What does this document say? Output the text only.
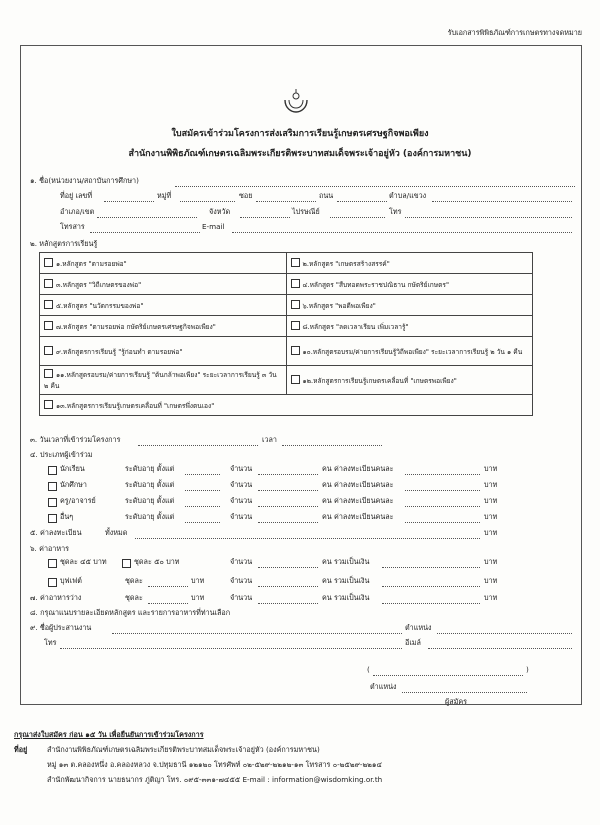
รับเอกสารพิพิธภัณฑ์การเกษตรทางจดหมาย
ใบสมัครเข้าร่วมโครงการส่งเสริมการเรียนรู้เกษตรเศรษฐกิจพอเพียง
สำนักงานพิพิธภัณฑ์เกษตรเฉลิมพระเกียรติพระบาทสมเด็จพระเจ้าอยู่หัว (องค์การมหาชน)
๑. ชื่อ(หน่วยงาน/สถาบันการศึกษา)
ที่อยู่ เลขที่	หมู่ที่	ซอย	ถนน	ตำบล/แขวง
อำเภอ/เขต	จังหวัด	ไปรษณีย์	โทร
โทรสาร	E-mail
๒. หลักสูตรการเรียนรู้
๑.หลักสูตร "ตามรอยพ่อ"	๒.หลักสูตร "เกษตรสร้างสรรค์"
๓.หลักสูตร "วิถีเกษตรของพ่อ"	๔.หลักสูตร "สืบทอดพระราชปณิธาน กษัตริย์เกษตร"
๕.หลักสูตร "นวัตกรรมของพ่อ"	๖.หลักสูตร "พอดีพอเพียง"
๗.หลักสูตร "ตามรอยพ่อ กษัตริย์เกษตรเศรษฐกิจพอเพียง"	๘.หลักสูตร "ลดเวลาเรียน เพิ่มเวลารู้"
๙.หลักสูตรการเรียนรู้ "รู้ก่อนทำ ตามรอยพ่อ"	๑๐.หลักสูตรอบรม/ค่ายการเรียนรู้วิถีพอเพียง" ระยะเวลาการเรียนรู้ ๒ วัน ๑ คืน
๑๑.หลักสูตรอบรม/ค่ายการเรียนรู้ "ต้นกล้าพอเพียง" ระยะเวลาการเรียนรู้ ๓ วัน ๒ คืน	๑๒.หลักสูตรการเรียนรู้เกษตรเคลื่อนที่ "เกษตรพอเพียง"
๑๓.หลักสูตรการเรียนรู้เกษตรเคลื่อนที่ "เกษตรพึ่งตนเอง"	
๓. วันเวลาที่เข้าร่วมโครงการ	เวลา
๔. ประเภทผู้เข้าร่วม
นักเรียน	ระดับอายุ ตั้งแต่	จำนวน	คน ค่าลงทะเบียนคนละ	บาท
นักศึกษา	ระดับอายุ ตั้งแต่	จำนวน	คน ค่าลงทะเบียนคนละ	บาท
ครู/อาจารย์	ระดับอายุ ตั้งแต่	จำนวน	คน ค่าลงทะเบียนคนละ	บาท
อื่นๆ	ระดับอายุ ตั้งแต่	จำนวน	คน ค่าลงทะเบียนคนละ	บาท
๕. ค่าลงทะเบียน	ทั้งหมด	บาท
๖. ค่าอาหาร
ชุดละ ๔๕ บาท	ชุดละ ๕๐ บาท	จำนวน	คน รวมเป็นเงิน	บาท
บุฟเฟต์	ชุดละ	บาท	จำนวน	คน รวมเป็นเงิน	บาท
๗. ค่าอาหารว่าง	ชุดละ	บาท	จำนวน	คน รวมเป็นเงิน	บาท
๘. กรุณาแนบรายละเอียดหลักสูตร และรายการอาหารที่ท่านเลือก
๙. ชื่อผู้ประสานงาน	ตำแหน่ง
โทร	อีเมล์
(	)
ตำแหน่ง
ผู้สมัคร
กรุณาส่งใบสมัคร ก่อน ๑๕ วัน เพื่อยืนยันการเข้าร่วมโครงการ
ที่อยู่	สำนักงานพิพิธภัณฑ์เกษตรเฉลิมพระเกียรติพระบาทสมเด็จพระเจ้าอยู่หัว (องค์การมหาชน)
หมู่ ๑๓ ต.คลองหนึ่ง อ.คลองหลวง จ.ปทุมธานี ๑๒๑๒๐ โทรศัพท์ ๐๒-๕๒๙-๒๒๑๒-๑๓ โทรสาร ๐-๒๕๒๙-๒๒๑๔
สำนักพัฒนากิจการ นายธนากร ภู่ติญา โทร. ๐๙๕-๓๓๑-๗๔๕๕ E-mail : information@wisdomking.or.th
